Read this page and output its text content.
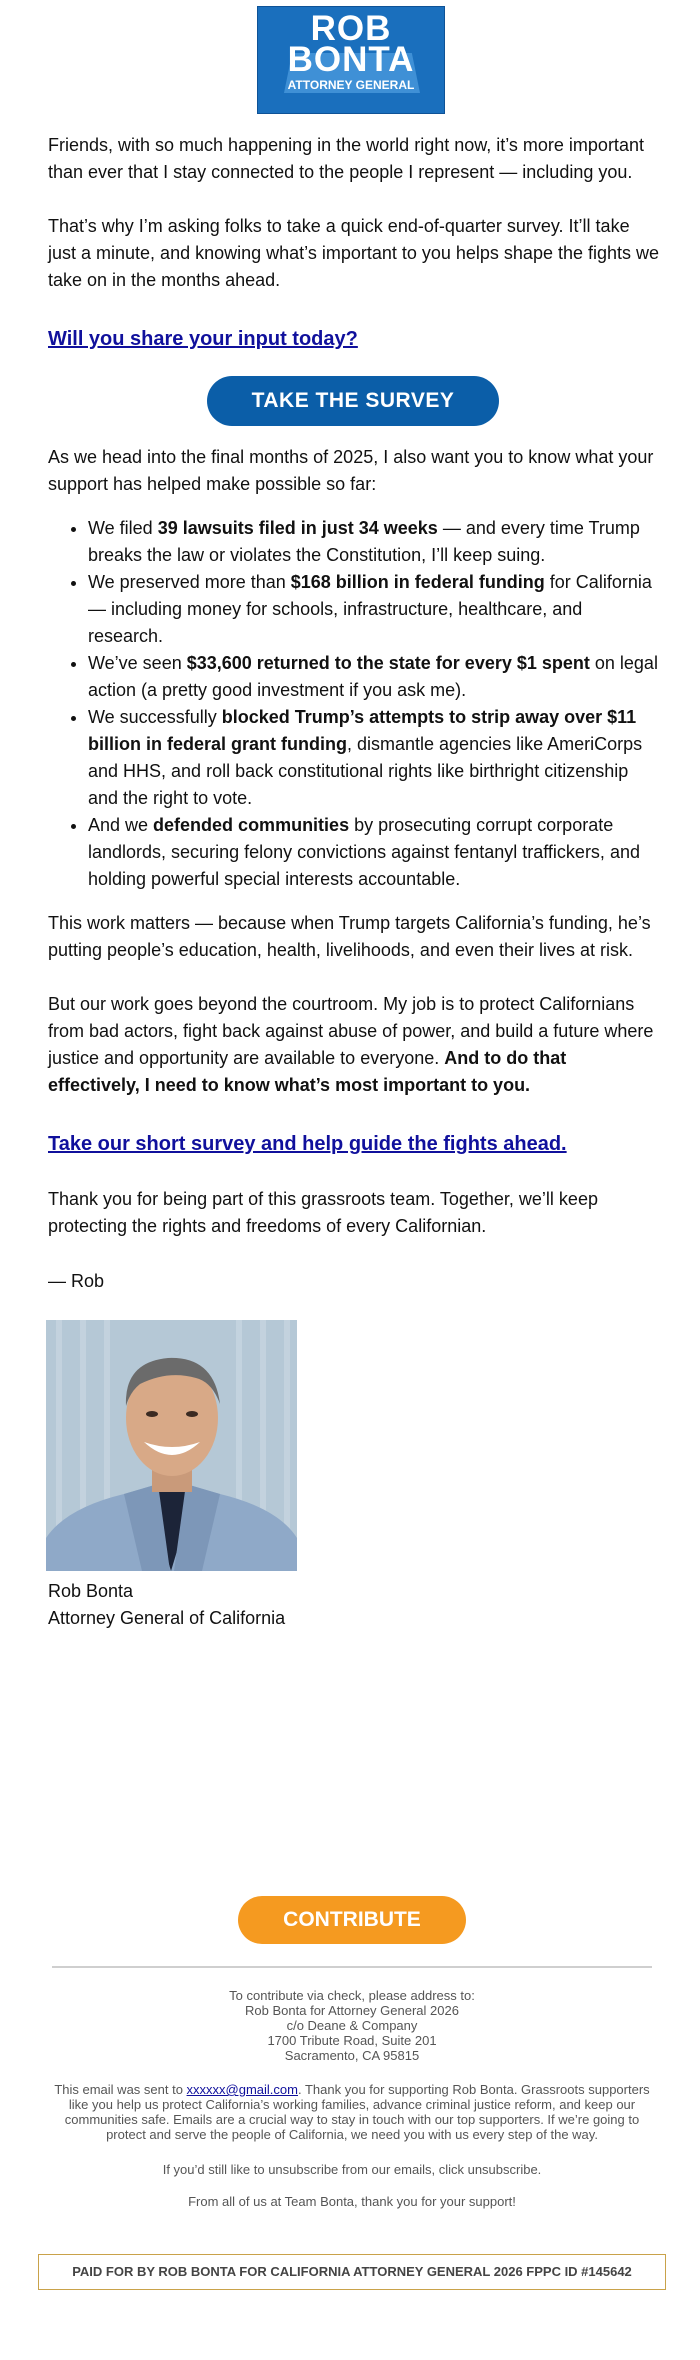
ROB
BONTA
ATTORNEY GENERAL

Friends, with so much happening in the world right now, it’s more important than ever that I stay connected to the people I represent — including you.

That’s why I’m asking folks to take a quick end-of-quarter survey. It’ll take just a minute, and knowing what’s important to you helps shape the fights we take on in the months ahead.

Will you share your input today?
TAKE THE SURVEY
As we head into the final months of 2025, I also want you to know what your support has helped make possible so far:
• We filed 39 lawsuits filed in just 34 weeks — and every time Trump breaks the law or violates the Constitution, I’ll keep suing.
• We preserved more than $168 billion in federal funding for California — including money for schools, infrastructure, healthcare, and research.
• We’ve seen $33,600 returned to the state for every $1 spent on legal action (a pretty good investment if you ask me).
• We successfully blocked Trump’s attempts to strip away over $11 billion in federal grant funding, dismantle agencies like AmeriCorps and HHS, and roll back constitutional rights like birthright citizenship and the right to vote.
• And we defended communities by prosecuting corrupt corporate landlords, securing felony convictions against fentanyl traffickers, and holding powerful special interests accountable.

This work matters — because when Trump targets California’s funding, he’s putting people’s education, health, livelihoods, and even their lives at risk.

But our work goes beyond the courtroom. My job is to protect Californians from bad actors, fight back against abuse of power, and build a future where justice and opportunity are available to everyone. And to do that effectively, I need to know what’s most important to you.

Take our short survey and help guide the fights ahead.
Thank you for being part of this grassroots team. Together, we’ll keep protecting the rights and freedoms of every Californian.
— Rob

Rob Bonta

Attorney General of California

CONTRIBUTE

To contribute via check, please address to:

Rob Bonta for Attorney General 2026

c/o Deane & Company

1700 Tribute Road, Suite 201

Sacramento, CA 95815

This email was sent to xxxxxx@gmail.com. Thank you for supporting Rob Bonta. Grassroots supporters like you help us protect California’s working families, advance criminal justice reform, and keep our communities safe. Emails are a crucial way to stay in touch with our top supporters. If we’re going to protect and serve the people of California, we need you with us every step of the way.

If you’d still like to unsubscribe from our emails, click unsubscribe.
From all of us at Team Bonta, thank you for your support!
PAID FOR BY ROB BONTA FOR CALIFORNIA ATTORNEY GENERAL 2026 FPPC ID #145642
